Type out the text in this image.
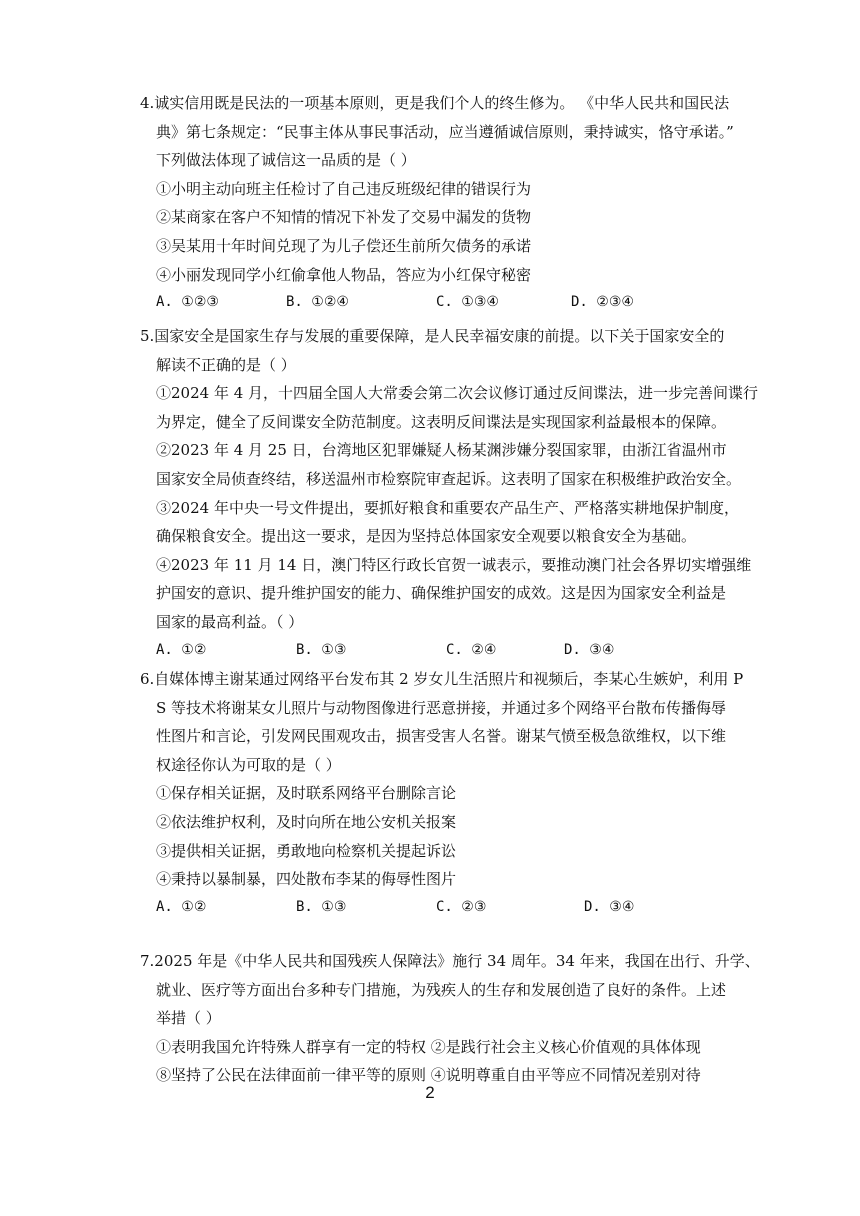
4.诚实信用既是民法的一项基本原则，更是我们个人的终生修为。 《中华人民共和国民法
典》第七条规定：“民事主体从事民事活动，应当遵循诚信原则，秉持诚实，恪守承诺。”
下列做法体现了诚信这一品质的是（ ）
①小明主动向班主任检讨了自己违反班级纪律的错误行为
②某商家在客户不知情的情况下补发了交易中漏发的货物
③吴某用十年时间兑现了为儿子偿还生前所欠债务的承诺
④小丽发现同学小红偷拿他人物品，答应为小红保守秘密
A. ①②③	B. ①②④	C. ①③④	D. ②③④
5.国家安全是国家生存与发展的重要保障，是人民幸福安康的前提。以下关于国家安全的
解读不正确的是（ ）
①2024 年 4 月，十四届全国人大常委会第二次会议修订通过反间谍法，进一步完善间谍行
为界定，健全了反间谍安全防范制度。这表明反间谍法是实现国家利益最根本的保障。
②2023 年 4 月 25 日，台湾地区犯罪嫌疑人杨某渊涉嫌分裂国家罪，由浙江省温州市
国家安全局侦查终结，移送温州市检察院审查起诉。这表明了国家在积极维护政治安全。
③2024 年中央一号文件提出，要抓好粮食和重要农产品生产、严格落实耕地保护制度，
确保粮食安全。提出这一要求，是因为坚持总体国家安全观要以粮食安全为基础。
④2023 年 11 月 14 日，澳门特区行政长官贺一诚表示，要推动澳门社会各界切实增强维
护国安的意识、提升维护国安的能力、确保维护国安的成效。这是因为国家安全利益是
国家的最高利益。（ ）
A. ①②	B. ①③	C. ②④	D. ③④
6.自媒体博主谢某通过网络平台发布其 2 岁女儿生活照片和视频后，李某心生嫉妒，利用 P
S 等技术将谢某女儿照片与动物图像进行恶意拼接，并通过多个网络平台散布传播侮辱
性图片和言论，引发网民围观攻击，损害受害人名誉。谢某气愤至极急欲维权，以下维
权途径你认为可取的是（ ）
①保存相关证据，及时联系网络平台删除言论
②依法维护权利，及时向所在地公安机关报案
③提供相关证据，勇敢地向检察机关提起诉讼
④秉持以暴制暴，四处散布李某的侮辱性图片
A. ①②	B. ①③	C. ②③	D. ③④
7.2025 年是《中华人民共和国残疾人保障法》施行 34 周年。34 年来，我国在出行、升学、
就业、医疗等方面出台多种专门措施，为残疾人的生存和发展创造了良好的条件。上述
举措（ ）
①表明我国允许特殊人群享有一定的特权 ②是践行社会主义核心价值观的具体体现
⑧坚持了公民在法律面前一律平等的原则 ④说明尊重自由平等应不同情况差别对待
2
